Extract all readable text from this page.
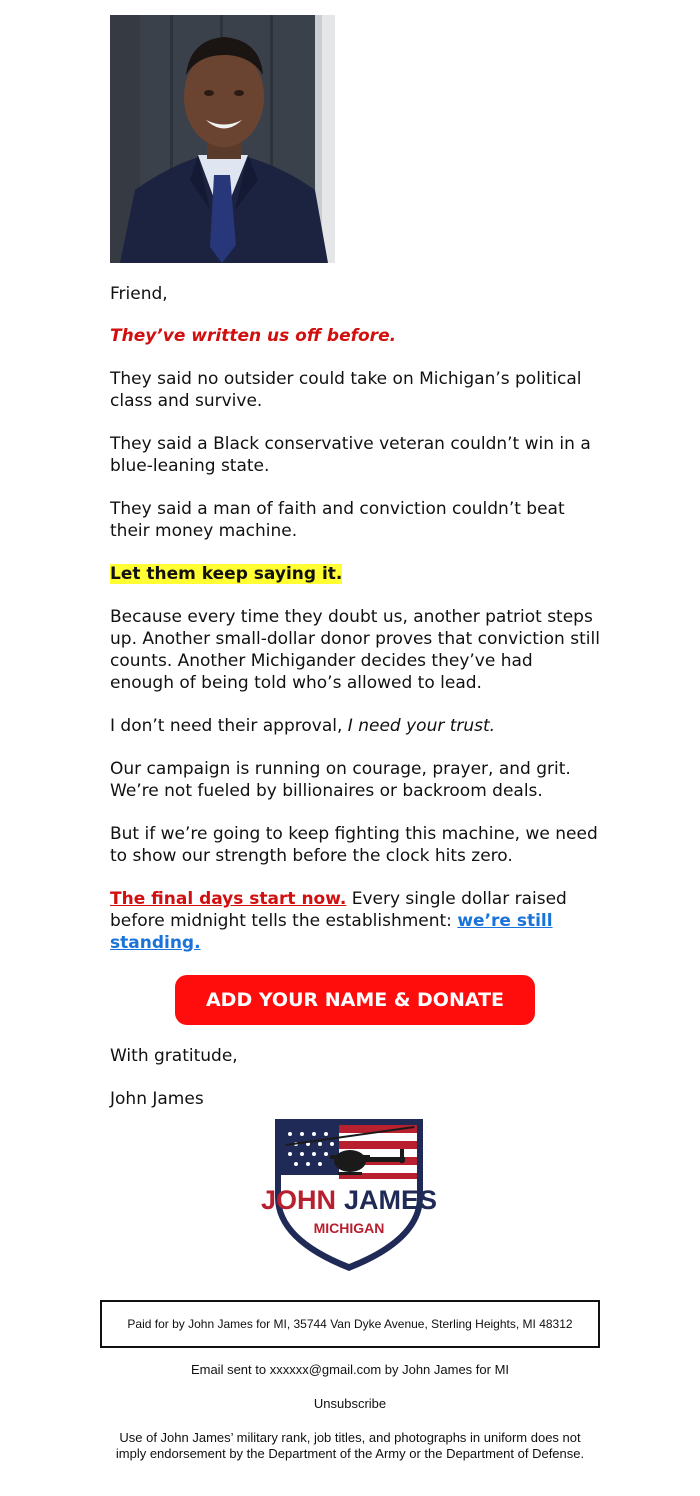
Friend,

They’ve written us off before.

They said no outsider could take on Michigan’s political class and survive.

They said a Black conservative veteran couldn’t win in a blue-leaning state.

They said a man of faith and conviction couldn’t beat their money machine.

Let them keep saying it.

Because every time they doubt us, another patriot steps up. Another small-dollar donor proves that conviction still counts. Another Michigander decides they’ve had enough of being told who’s allowed to lead.

I don’t need their approval, I need your trust.

Our campaign is running on courage, prayer, and grit. We’re not fueled by billionaires or backroom deals.

But if we’re going to keep fighting this machine, we need to show our strength before the clock hits zero.

The final days start now. Every single dollar raised before midnight tells the establishment: we’re still standing.

ADD YOUR NAME & DONATE

With gratitude,

John James

JOHN JAMES
MICHIGAN
Paid for by John James for MI, 35744 Van Dyke Avenue, Sterling Heights, MI 48312

Email sent to xxxxxx@gmail.com by John James for MI

Unsubscribe

Use of John James’ military rank, job titles, and photographs in uniform does not imply endorsement by the Department of the Army or the Department of Defense.
